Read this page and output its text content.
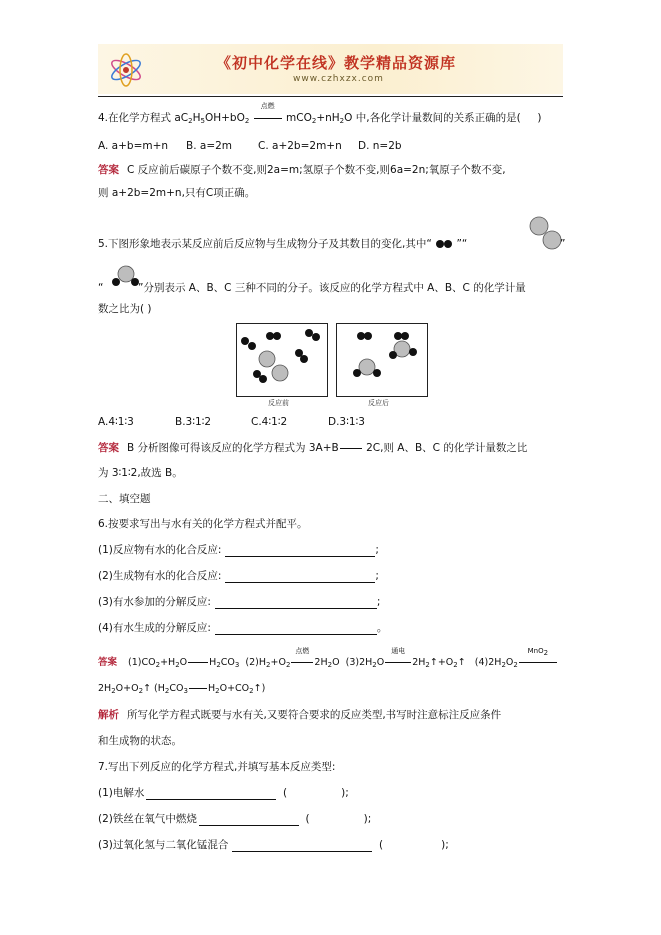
《初中化学在线》教学精品资源库
www.czhxzx.com
4.在化学方程式 $aC_2H_5OH+bO_2$
点燃
$mCO_2+nH_2O$ 中,各化学计量数间的关系正确的是( )
A. a+b=m+n B. a=2m C. a+2b=2m+n D. n=2b
答案 C 反应前后碳原子个数不变,则2a=m;氢原子个数不变,则6a=2n;氧原子个数不变,
则 a+2b=2m+n,只有C项正确。
5.下图形象地表示某反应前后反应物与生成物分子及其数目的变化,其中“ ”“	”
“	”分别表示 A、B、C 三种不同的分子。该反应的化学方程式中 A、B、C 的化学计量
数之比为( )
反应前	反应后
A.4∶1∶3	B.3∶1∶2	C.4∶1∶2	D.3∶1∶3
答案 B 分析图像可得该反应的化学方程式为 3A+B	2C,则 A、B、C 的化学计量数之比
为 3∶1∶2,故选 B。
二、填空题
6.按要求写出与水有关的化学方程式并配平。
(1)反应物有水的化合反应:	;
(2)生成物有水的化合反应:	;
(3)有水参加的分解反应:	;
(4)有水生成的分解反应:	。
答案 $(1)CO_2+H_2O$ $H_2CO_3$ $(2)H_2+O_2$
点燃
$2H_2O$ $(3)2H_2O$
通电
$2H_2↑+O_2↑$ $(4)2H_2O_2$
MnO2
$2H_2O+O_2↑$ ($H_2CO_3$ $H_2O+CO_2↑$)
解析 所写化学方程式既要与水有关,又要符合要求的反应类型,书写时注意标注反应条件
和生成物的状态。
7.写出下列反应的化学方程式,并填写基本反应类型:
(1)电解水	(	);
(2)铁丝在氧气中燃烧	(	);
(3)过氧化氢与二氧化锰混合	(	);
